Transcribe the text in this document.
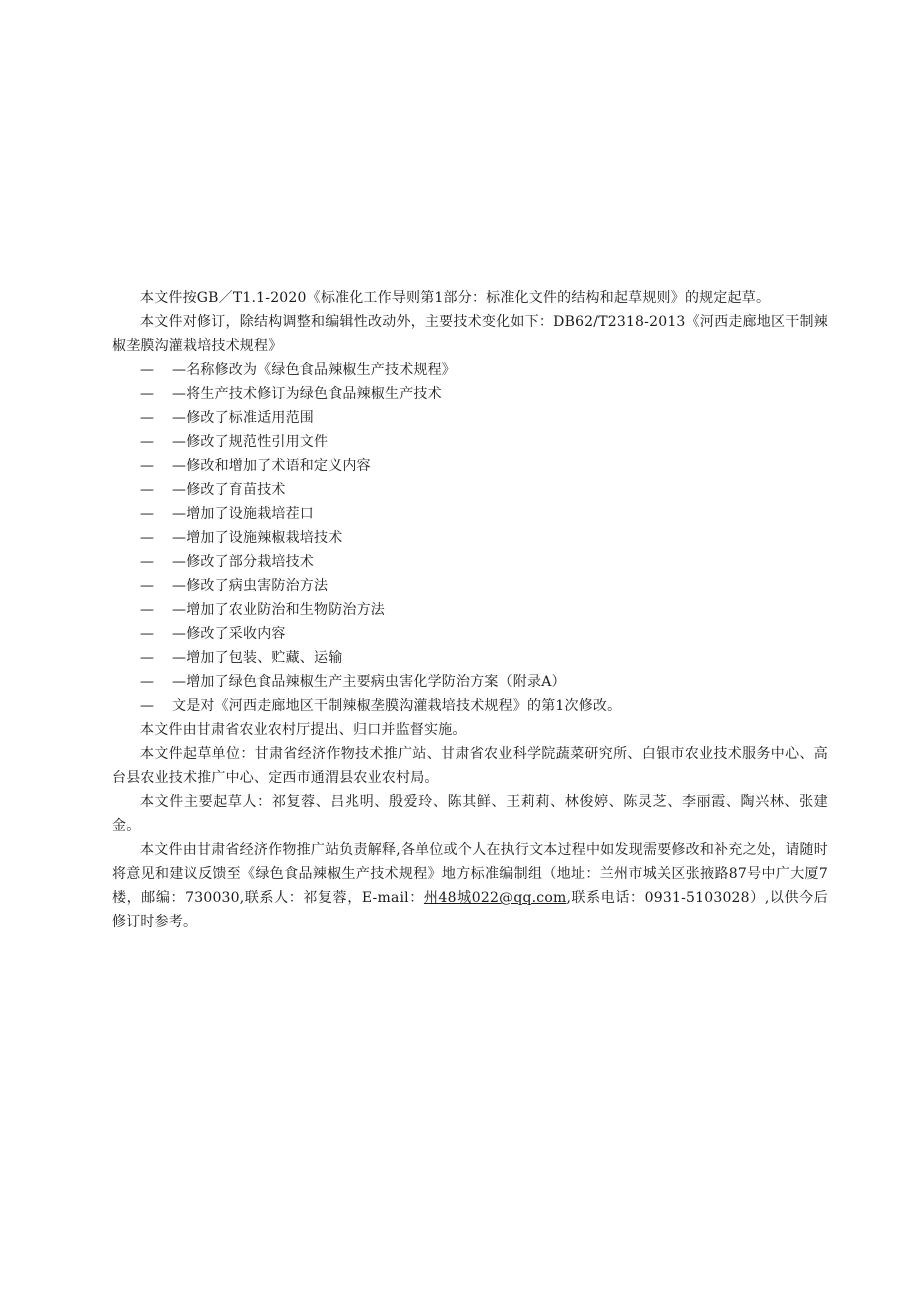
本文件按GB／T1.1-2020《标准化工作导则第1部分：标准化文件的结构和起草规则》的规定起草。

本文件对修订，除结构调整和编辑性改动外，主要技术变化如下：DB62/T2318-2013《河西走廊地区干制辣椒垄膜沟灌栽培技术规程》

— —名称修改为《绿色食品辣椒生产技术规程》
— —将生产技术修订为绿色食品辣椒生产技术
— —修改了标准适用范围
— —修改了规范性引用文件
— —修改和增加了术语和定义内容
— —修改了育苗技术
— —增加了设施栽培茬口
— —增加了设施辣椒栽培技术
— —修改了部分栽培技术
— —修改了病虫害防治方法
— —增加了农业防治和生物防治方法
— —修改了采收内容
— —增加了包装、贮藏、运输
— —增加了绿色食品辣椒生产主要病虫害化学防治方案（附录A）
— 文是对《河西走廊地区干制辣椒垄膜沟灌栽培技术规程》的第1次修改。

本文件由甘肃省农业农村厅提出、归口并监督实施。

本文件起草单位：甘肃省经济作物技术推广站、甘肃省农业科学院蔬菜研究所、白银市农业技术服务中心、高台县农业技术推广中心、定西市通渭县农业农村局。

本文件主要起草人：祁复蓉、吕兆明、殷爱玲、陈其鲜、王莉莉、林俊婷、陈灵芝、李丽霞、陶兴林、张建金。

本文件由甘肃省经济作物推广站负责解释,各单位或个人在执行文本过程中如发现需要修改和补充之处，请随时将意见和建议反馈至《绿色食品辣椒生产技术规程》地方标准编制组（地址：兰州市城关区张掖路87号中广大厦7楼，邮编：730030,联系人：祁复蓉，E-mail：州48城022@qq.com,联系电话：0931-5103028）,以供今后修订时参考。
